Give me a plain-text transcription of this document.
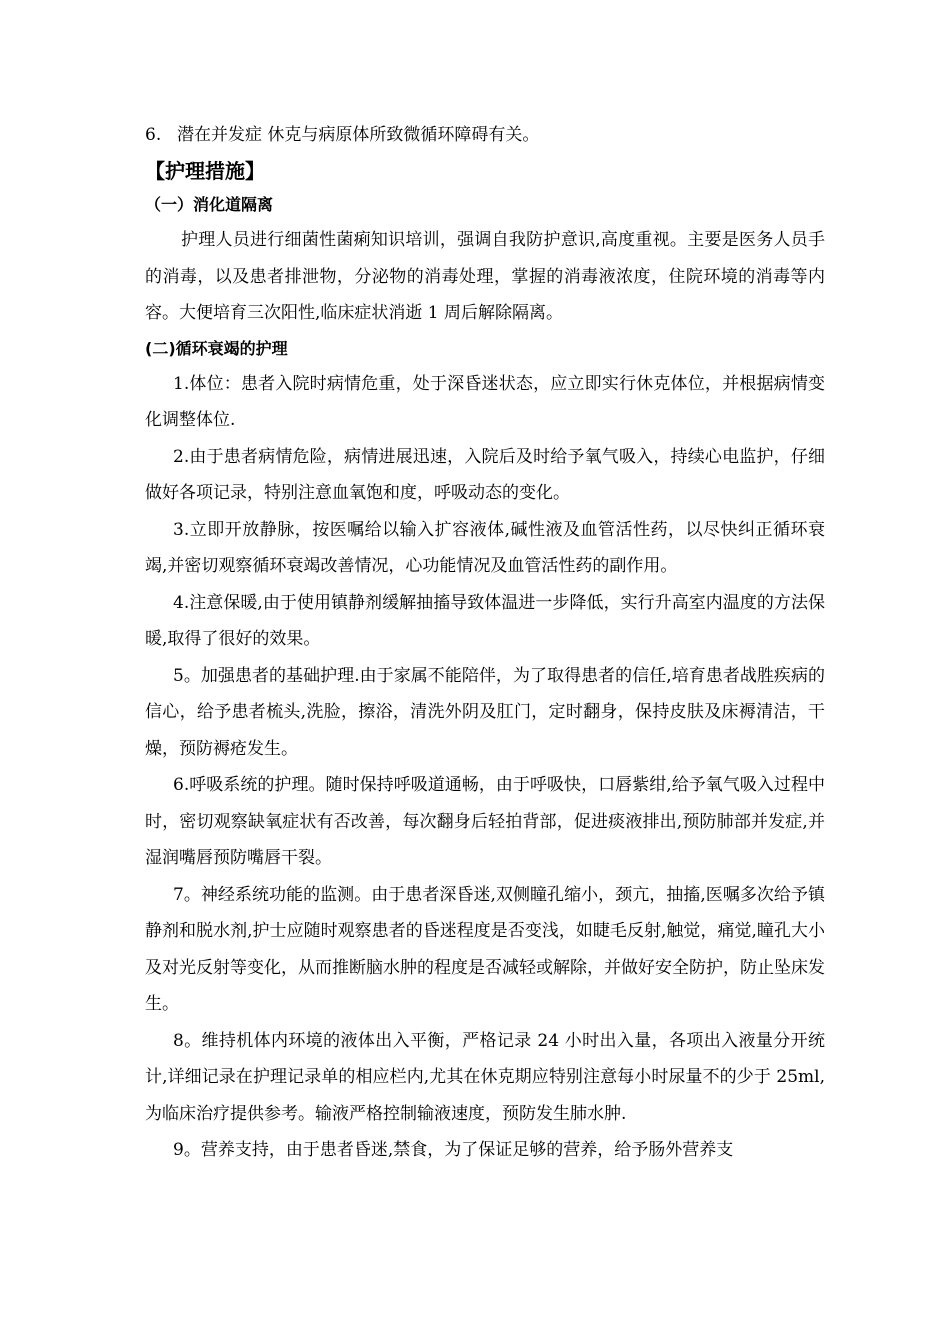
6. 潜在并发症 休克与病原体所致微循环障碍有关。
【护理措施】
（一）消化道隔离

护理人员进行细菌性菌痢知识培训，强调自我防护意识,高度重视。主要是医务人员手的消毒，以及患者排泄物，分泌物的消毒处理，掌握的消毒液浓度，住院环境的消毒等内容。大便培育三次阳性,临床症状消逝 1 周后解除隔离。

(二)循环衰竭的护理

1.体位：患者入院时病情危重，处于深昏迷状态，应立即实行休克体位，并根据病情变化调整体位.

2.由于患者病情危险，病情进展迅速，入院后及时给予氧气吸入，持续心电监护，仔细做好各项记录，特别注意血氧饱和度，呼吸动态的变化。

3.立即开放静脉，按医嘱给以输入扩容液体,碱性液及血管活性药，以尽快纠正循环衰竭,并密切观察循环衰竭改善情况，心功能情况及血管活性药的副作用。

4.注意保暖,由于使用镇静剂缓解抽搐导致体温进一步降低，实行升高室内温度的方法保暖,取得了很好的效果。

5。加强患者的基础护理.由于家属不能陪伴，为了取得患者的信任,培育患者战胜疾病的信心，给予患者梳头,洗脸，擦浴，清洗外阴及肛门，定时翻身，保持皮肤及床褥清洁，干燥，预防褥疮发生。

6.呼吸系统的护理。随时保持呼吸道通畅，由于呼吸快，口唇紫绀,给予氧气吸入过程中时，密切观察缺氧症状有否改善，每次翻身后轻拍背部，促进痰液排出,预防肺部并发症,并湿润嘴唇预防嘴唇干裂。

7。神经系统功能的监测。由于患者深昏迷,双侧瞳孔缩小，颈亢，抽搐,医嘱多次给予镇静剂和脱水剂,护士应随时观察患者的昏迷程度是否变浅，如睫毛反射,触觉，痛觉,瞳孔大小及对光反射等变化，从而推断脑水肿的程度是否减轻或解除，并做好安全防护，防止坠床发生。

8。维持机体内环境的液体出入平衡，严格记录 24 小时出入量，各项出入液量分开统计,详细记录在护理记录单的相应栏内,尤其在休克期应特别注意每小时尿量不的少于 25ml,为临床治疗提供参考。输液严格控制输液速度，预防发生肺水肿.

9。营养支持，由于患者昏迷,禁食，为了保证足够的营养，给予肠外营养支
